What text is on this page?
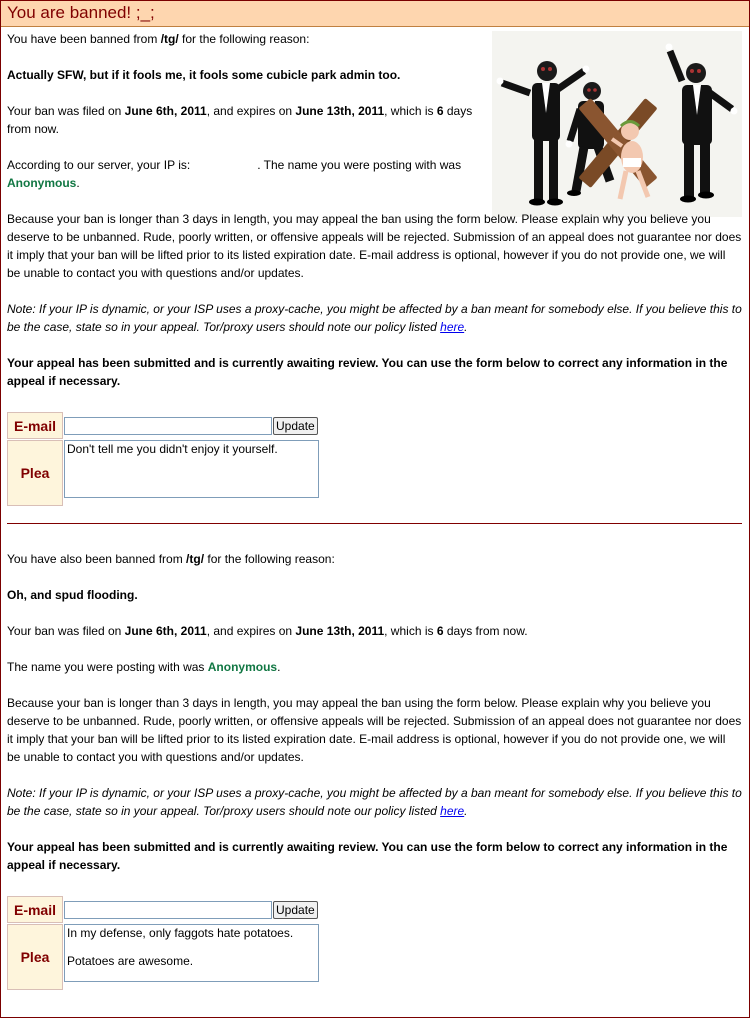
You are banned! ;_;

You have been banned from /tg/ for the following reason:

Actually SFW, but if it fools me, it fools some cubicle park admin too.

Your ban was filed on June 6th, 2011, and expires on June 13th, 2011, which is 6 days from now.

According to our server, your IP is:	. The name you were posting with was Anonymous.

Because your ban is longer than 3 days in length, you may appeal the ban using the form below. Please explain why you believe you deserve to be unbanned. Rude, poorly written, or offensive appeals will be rejected. Submission of an appeal does not guarantee nor does it imply that your ban will be lifted prior to its listed expiration date. E-mail address is optional, however if you do not provide one, we will be unable to contact you with questions and/or updates.

Note: If your IP is dynamic, or your ISP uses a proxy-cache, you might be affected by a ban meant for somebody else. If you believe this to be the case, state so in your appeal. Tor/proxy users should note our policy listed here.

Your appeal has been submitted and is currently awaiting review. You can use the form below to correct any information in the appeal if necessary.

E-mail	Update
Plea	Don't tell me you didn't enjoy it yourself.

You have also been banned from /tg/ for the following reason:

Oh, and spud flooding.

Your ban was filed on June 6th, 2011, and expires on June 13th, 2011, which is 6 days from now.

The name you were posting with was Anonymous.

Because your ban is longer than 3 days in length, you may appeal the ban using the form below. Please explain why you believe you deserve to be unbanned. Rude, poorly written, or offensive appeals will be rejected. Submission of an appeal does not guarantee nor does it imply that your ban will be lifted prior to its listed expiration date. E-mail address is optional, however if you do not provide one, we will be unable to contact you with questions and/or updates.

Note: If your IP is dynamic, or your ISP uses a proxy-cache, you might be affected by a ban meant for somebody else. If you believe this to be the case, state so in your appeal. Tor/proxy users should note our policy listed here.

Your appeal has been submitted and is currently awaiting review. You can use the form below to correct any information in the appeal if necessary.

E-mail	Update
Plea	In my defense, only faggots hate potatoes. Potatoes are awesome.
